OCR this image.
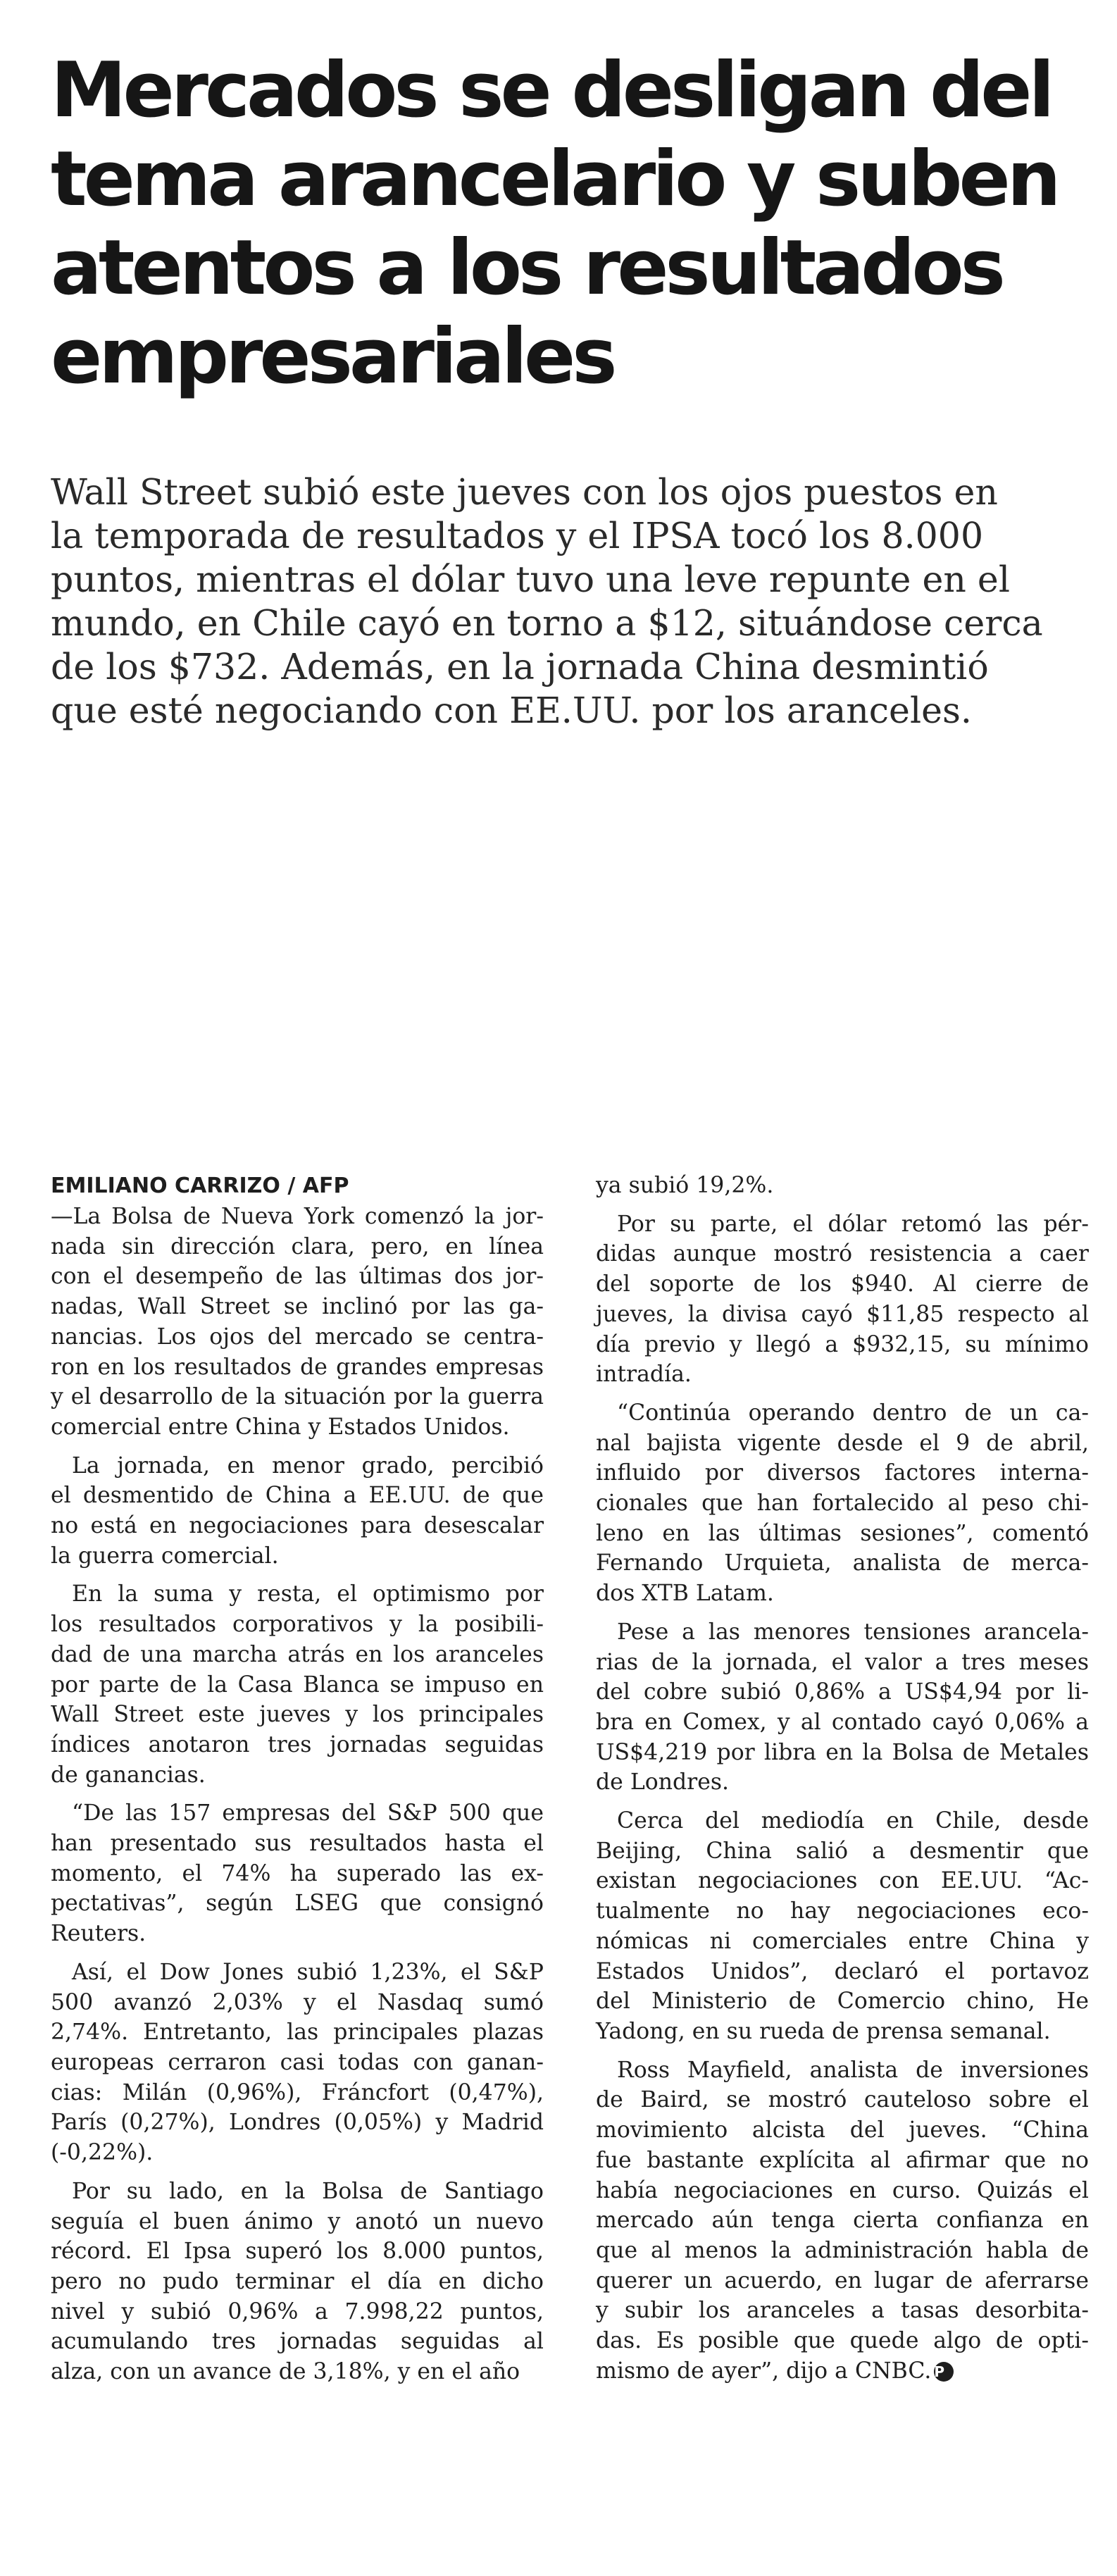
Mercados se desligan del
tema arancelario y suben
atentos a los resultados
empresariales
Wall Street subió este jueves con los ojos puestos en
la temporada de resultados y el IPSA tocó los 8.000
puntos, mientras el dólar tuvo una leve repunte en el
mundo, en Chile cayó en torno a $12, situándose cerca
de los $732. Además, en la jornada China desmintió
que esté negociando con EE.UU. por los aranceles.
EMILIANO CARRIZO / AFP

—La Bolsa de Nueva York comenzó la jor-
nada sin dirección clara, pero, en línea
con el desempeño de las últimas dos jor-
nadas, Wall Street se inclinó por las ga-
nancias. Los ojos del mercado se centra-
ron en los resultados de grandes empresas
y el desarrollo de la situación por la guerra
comercial entre China y Estados Unidos.

La jornada, en menor grado, percibió
el desmentido de China a EE.UU. de que
no está en negociaciones para desescalar
la guerra comercial.

En la suma y resta, el optimismo por
los resultados corporativos y la posibili-
dad de una marcha atrás en los aranceles
por parte de la Casa Blanca se impuso en
Wall Street este jueves y los principales
índices anotaron tres jornadas seguidas
de ganancias.

“De las 157 empresas del S&P 500 que
han presentado sus resultados hasta el
momento, el 74% ha superado las ex-
pectativas”, según LSEG que consignó
Reuters.

Así, el Dow Jones subió 1,23%, el S&P
500 avanzó 2,03% y el Nasdaq sumó
2,74%. Entretanto, las principales plazas
europeas cerraron casi todas con ganan-
cias: Milán (0,96%), Fráncfort (0,47%),
París (0,27%), Londres (0,05%) y Madrid
(-0,22%).

Por su lado, en la Bolsa de Santiago
seguía el buen ánimo y anotó un nuevo
récord. El Ipsa superó los 8.000 puntos,
pero no pudo terminar el día en dicho
nivel y subió 0,96% a 7.998,22 puntos,
acumulando tres jornadas seguidas al
alza, con un avance de 3,18%, y en el año

ya subió 19,2%.

Por su parte, el dólar retomó las pér-
didas aunque mostró resistencia a caer
del soporte de los $940. Al cierre de
jueves, la divisa cayó $11,85 respecto al
día previo y llegó a $932,15, su mínimo
intradía.

“Continúa operando dentro de un ca-
nal bajista vigente desde el 9 de abril,
influido por diversos factores interna-
cionales que han fortalecido al peso chi-
leno en las últimas sesiones”, comentó
Fernando Urquieta, analista de merca-
dos XTB Latam.

Pese a las menores tensiones arancela-
rias de la jornada, el valor a tres meses
del cobre subió 0,86% a US$4,94 por li-
bra en Comex, y al contado cayó 0,06% a
US$4,219 por libra en la Bolsa de Metales
de Londres.

Cerca del mediodía en Chile, desde
Beijing, China salió a desmentir que
existan negociaciones con EE.UU. “Ac-
tualmente no hay negociaciones eco-
nómicas ni comerciales entre China y
Estados Unidos”, declaró el portavoz
del Ministerio de Comercio chino, He
Yadong, en su rueda de prensa semanal.

Ross Mayfield, analista de inversiones
de Baird, se mostró cauteloso sobre el
movimiento alcista del jueves. “China
fue bastante explícita al afirmar que no
había negociaciones en curso. Quizás el
mercado aún tenga cierta confianza en
que al menos la administración habla de
querer un acuerdo, en lugar de aferrarse
y subir los aranceles a tasas desorbita-
das. Es posible que quede algo de opti-
mismo de ayer”, dijo a CNBC. P
